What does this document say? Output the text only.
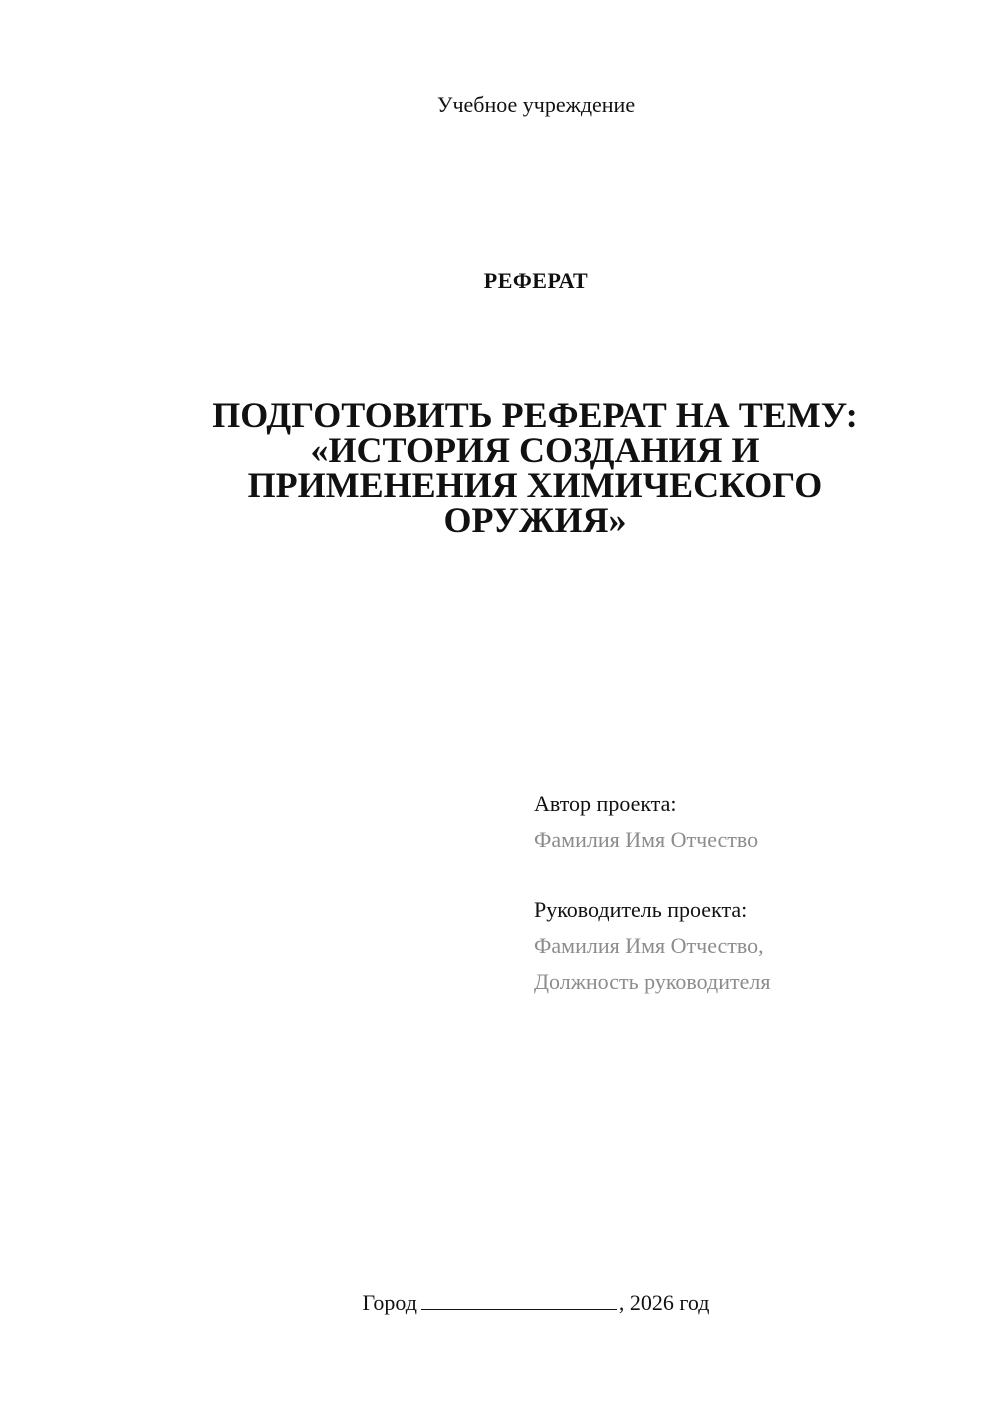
Учебное учреждение
РЕФЕРАТ
ПОДГОТОВИТЬ РЕФЕРАТ НА ТЕМУ:
«ИСТОРИЯ СОЗДАНИЯ И
ПРИМЕНЕНИЯ ХИМИЧЕСКОГО
ОРУЖИЯ»
Автор проекта:
Фамилия Имя Отчество
Руководитель проекта:
Фамилия Имя Отчество,
Должность руководителя
Город	, 2026 год
